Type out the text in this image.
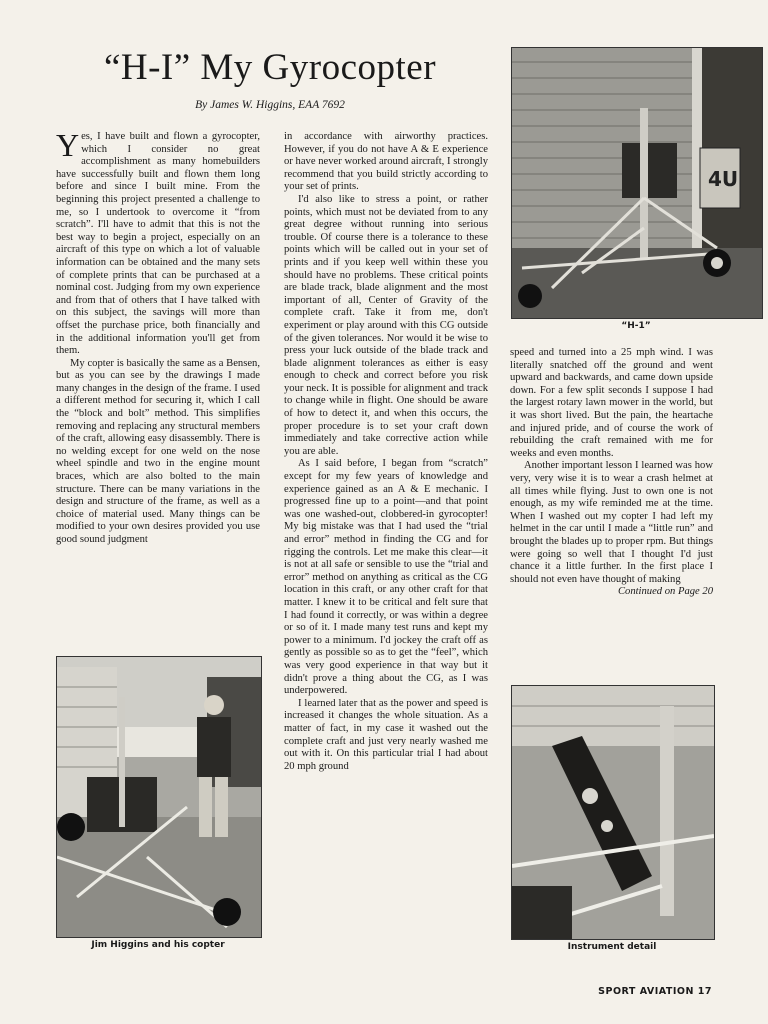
“H-I” My Gyrocopter
By James W. Higgins, EAA 7692

Yes, I have built and flown a gyrocopter, which I consider no great accomplishment as many homebuilders have successfully built and flown them long before and since I built mine. From the beginning this project presented a challenge to me, so I undertook to overcome it “from scratch”. I'll have to admit that this is not the best way to begin a project, especially on an aircraft of this type on which a lot of valuable information can be obtained and the many sets of complete prints that can be purchased at a nominal cost. Judging from my own experience and from that of others that I have talked with on this subject, the savings will more than offset the purchase price, both financially and in the additional information you'll get from them.

My copter is basically the same as a Bensen, but as you can see by the drawings I made many changes in the design of the frame. I used a different method for securing it, which I call the “block and bolt” method. This simplifies removing and replacing any structural members of the craft, allowing easy disassembly. There is no welding except for one weld on the nose wheel spindle and two in the engine mount braces, which are also bolted to the main structure. There can be many variations in the design and structure of the frame, as well as a choice of material used. Many things can be modified to your own desires provided you use good sound judgment

in accordance with airworthy practices. However, if you do not have A & E experience or have never worked around aircraft, I strongly recommend that you build strictly according to your set of prints.

I'd also like to stress a point, or rather points, which must not be deviated from to any great degree without running into serious trouble. Of course there is a tolerance to these points which will be called out in your set of prints and if you keep well within these you should have no problems. These critical points are blade track, blade alignment and the most important of all, Center of Gravity of the complete craft. Take it from me, don't experiment or play around with this CG outside of the given tolerances. Nor would it be wise to press your luck outside of the blade track and blade alignment tolerances as either is easy enough to check and correct before you risk your neck. It is possible for alignment and track to change while in flight. One should be aware of how to detect it, and when this occurs, the proper procedure is to set your craft down immediately and take corrective action while you are able.

As I said before, I began from “scratch” except for my few years of knowledge and experience gained as an A & E mechanic. I progressed fine up to a point—and that point was one washed-out, clobbered-in gyrocopter! My big mistake was that I had used the “trial and error” method in finding the CG and for rigging the controls. Let me make this clear—it is not at all safe or sensible to use the “trial and error” method on anything as critical as the CG location in this craft, or any other craft for that matter. I knew it to be critical and felt sure that I had found it correctly, or was within a degree or so of it. I made many test runs and kept my power to a minimum. I'd jockey the craft off as gently as possible so as to get the “feel”, which was very good experience in that way but it didn't prove a thing about the CG, as I was underpowered.

I learned later that as the power and speed is increased it changes the whole situation. As a matter of fact, in my case it washed out the complete craft and just very nearly washed me out with it. On this particular trial I had about 20 mph ground

speed and turned into a 25 mph wind. I was literally snatched off the ground and went upward and backwards, and came down upside down. For a few split seconds I suppose I had the largest rotary lawn mower in the world, but it was short lived. But the pain, the heartache and injured pride, and of course the work of rebuilding the craft remained with me for weeks and even months.

Another important lesson I learned was how very, very wise it is to wear a crash helmet at all times while flying. Just to own one is not enough, as my wife reminded me at the time. When I washed out my copter I had left my helmet in the car until I made a “little run” and brought the blades up to proper rpm. But things were going so well that I thought I'd just chance it a little further. In the first place I should not even have thought of making

Continued on Page 20
4U
“H-1”
Jim Higgins and his copter	Instrument detail
SPORT AVIATION 17
